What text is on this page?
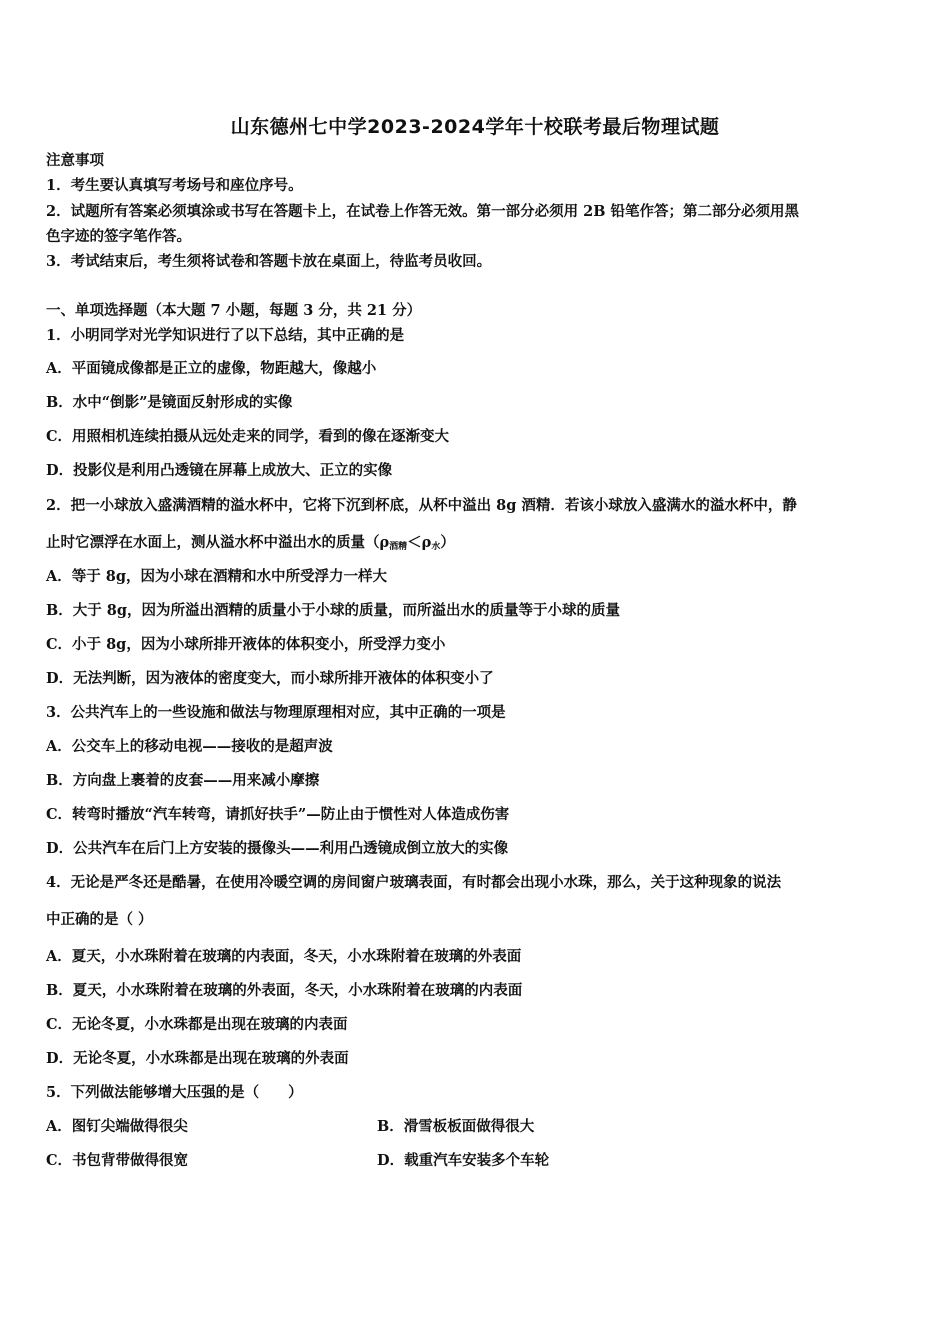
山东德州七中学2023-2024学年十校联考最后物理试题
注意事项
1．考生要认真填写考场号和座位序号。
2．试题所有答案必须填涂或书写在答题卡上，在试卷上作答无效。第一部分必须用 2B 铅笔作答；第二部分必须用黑
色字迹的签字笔作答。
3．考试结束后，考生须将试卷和答题卡放在桌面上，待监考员收回。
一、单项选择题（本大题 7 小题，每题 3 分，共 21 分）
1．小明同学对光学知识进行了以下总结，其中正确的是
A．平面镜成像都是正立的虚像，物距越大，像越小
B．水中“倒影”是镜面反射形成的实像
C．用照相机连续拍摄从远处走来的同学，看到的像在逐渐变大
D．投影仪是利用凸透镜在屏幕上成放大、正立的实像
2．把一小球放入盛满酒精的溢水杯中，它将下沉到杯底，从杯中溢出 8g 酒精．若该小球放入盛满水的溢水杯中，静
止时它漂浮在水面上，测从溢水杯中溢出水的质量$(\rho_{酒精}<\rho_水)$
A．等于 8g，因为小球在酒精和水中所受浮力一样大
B．大于 8g，因为所溢出酒精的质量小于小球的质量，而所溢出水的质量等于小球的质量
C．小于 8g，因为小球所排开液体的体积变小，所受浮力变小
D．无法判断，因为液体的密度变大，而小球所排开液体的体积变小了
3．公共汽车上的一些设施和做法与物理原理相对应，其中正确的一项是
A．公交车上的移动电视——接收的是超声波
B．方向盘上裹着的皮套——用来减小摩擦
C．转弯时播放“汽车转弯，请抓好扶手”—防止由于惯性对人体造成伤害
D．公共汽车在后门上方安装的摄像头——利用凸透镜成倒立放大的实像
4．无论是严冬还是酷暑，在使用冷暖空调的房间窗户玻璃表面，有时都会出现小水珠，那么，关于这种现象的说法
中正确的是（ ）
A．夏天，小水珠附着在玻璃的内表面，冬天，小水珠附着在玻璃的外表面
B．夏天，小水珠附着在玻璃的外表面，冬天，小水珠附着在玻璃的内表面
C．无论冬夏，小水珠都是出现在玻璃的内表面
D．无论冬夏，小水珠都是出现在玻璃的外表面
5．下列做法能够增大压强的是（　　）
A．图钉尖端做得很尖	B．滑雪板板面做得很大
C．书包背带做得很宽	D．载重汽车安装多个车轮
